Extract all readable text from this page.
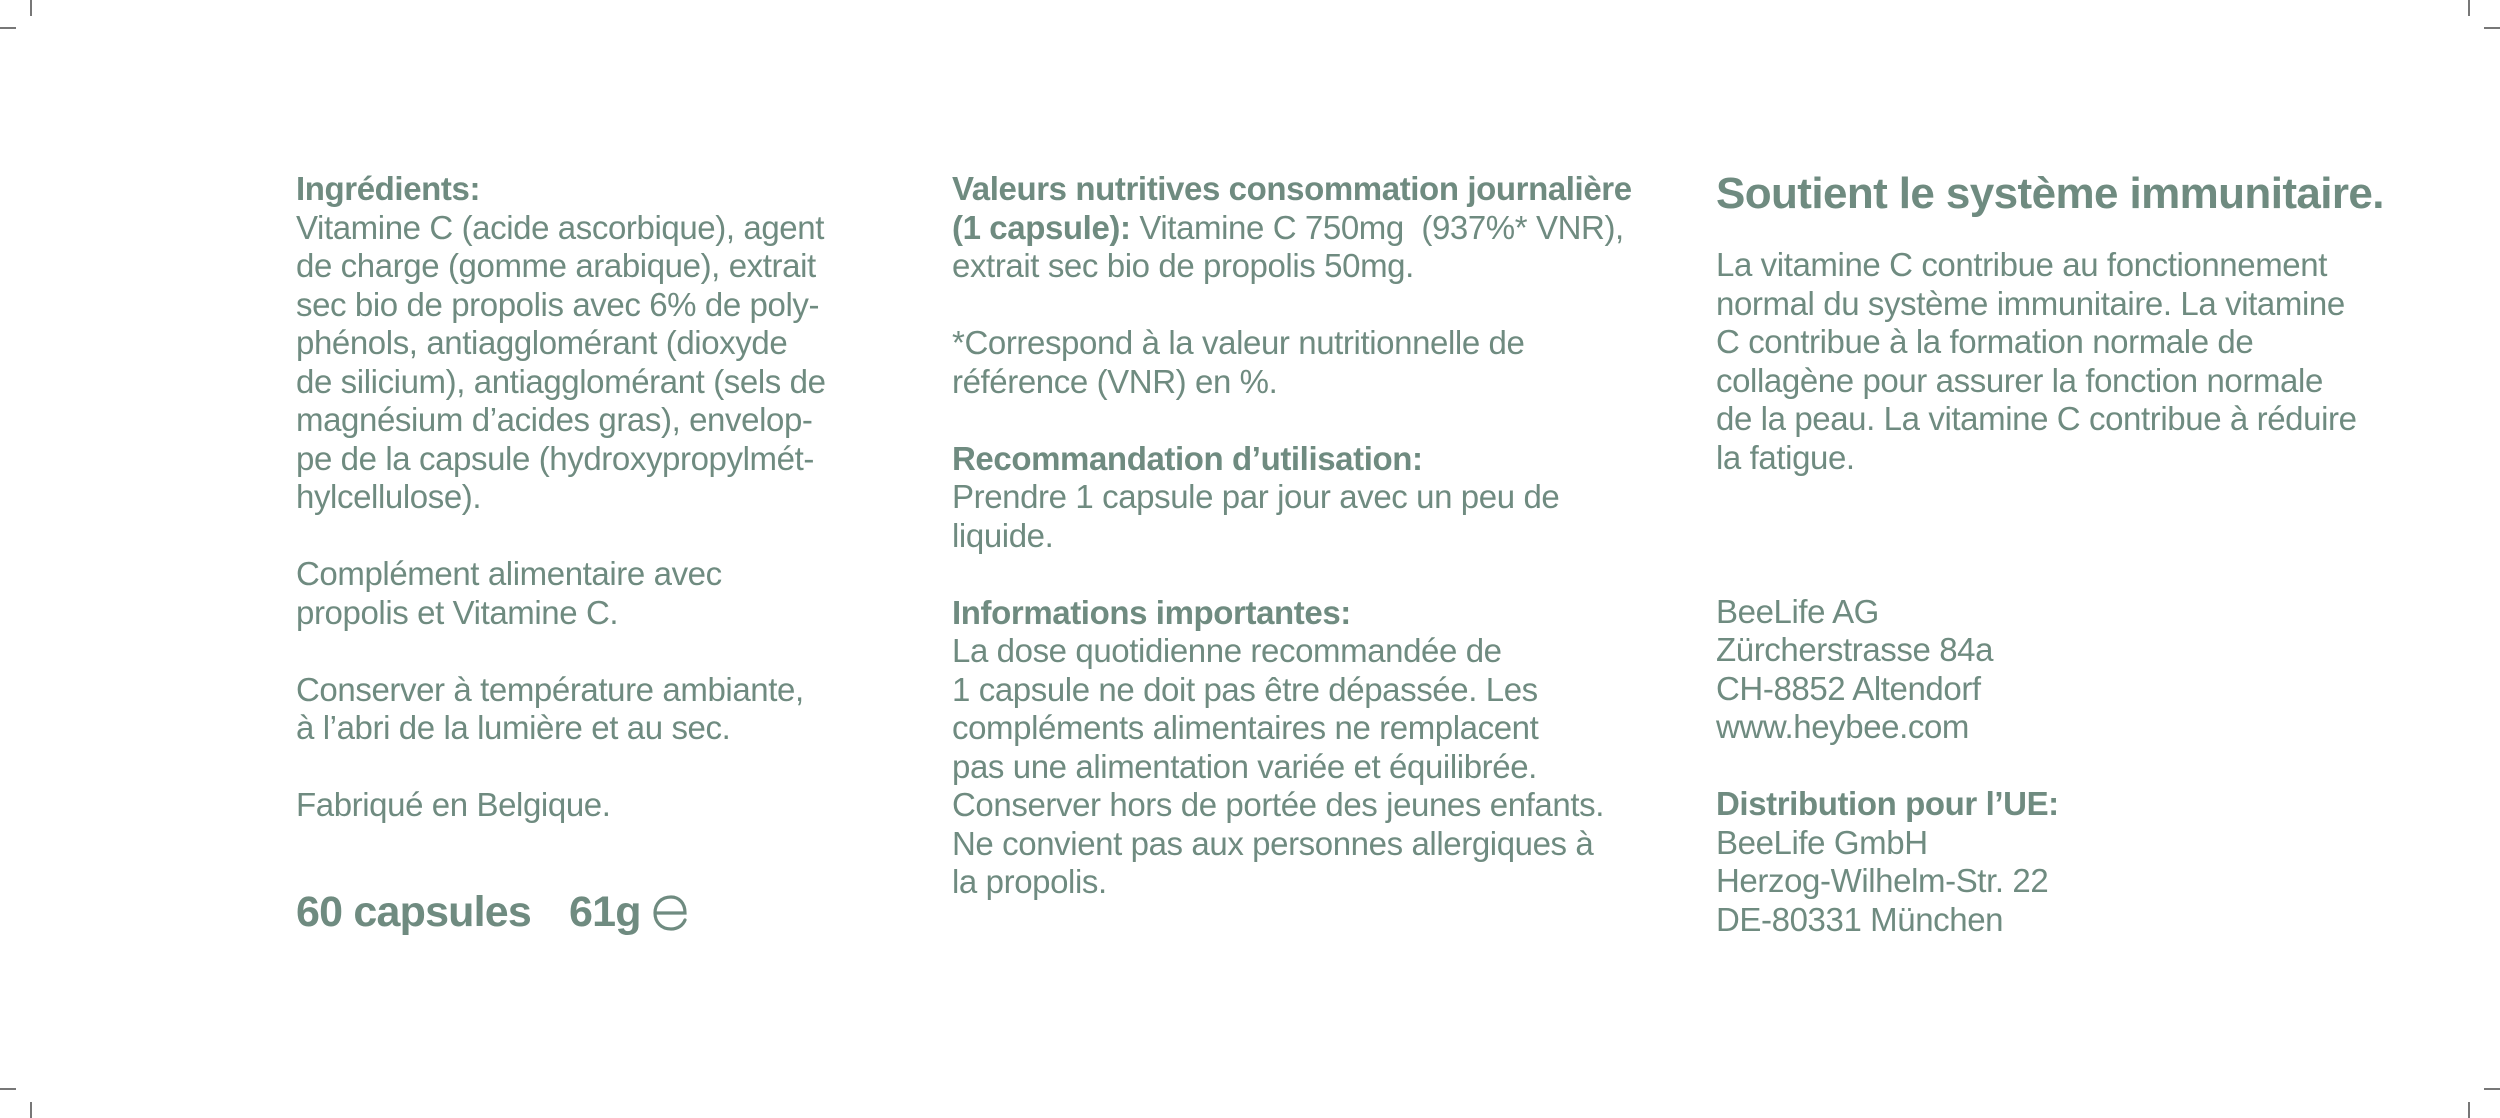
Ingrédients:
Vitamine C (acide ascorbique), agent
de charge (gomme arabique), extrait
sec bio de propolis avec 6% de poly-
phénols, antiagglomérant (dioxyde
de silicium), antiagglomérant (sels de
magnésium d’acides gras), envelop-
pe de la capsule (hydroxypropylmét-
hylcellulose).
Complément alimentaire avec
propolis et Vitamine C.
Conserver à température ambiante,
à l’abri de la lumière et au sec.
Fabriqué en Belgique.
60 capsules 61g
Valeurs nutritives consommation journalière
(1 capsule): Vitamine C 750mg  (937%* VNR),
extrait sec bio de propolis 50mg.
*Correspond à la valeur nutritionnelle de
référence (VNR) en %.
Recommandation d’utilisation:
Prendre 1 capsule par jour avec un peu de
liquide.
Informations importantes:
La dose quotidienne recommandée de
1 capsule ne doit pas être dépassée. Les
compléments alimentaires ne remplacent
pas une alimentation variée et équilibrée.
Conserver hors de portée des jeunes enfants.
Ne convient pas aux personnes allergiques à
la propolis.
Soutient le système immunitaire.
La vitamine C contribue au fonctionnement
normal du système immunitaire. La vitamine
C contribue à la formation normale de
collagène pour assurer la fonction normale
de la peau. La vitamine C contribue à réduire
la fatigue.
BeeLife AG
Zürcherstrasse 84a
CH-8852 Altendorf
www.heybee.com
Distribution pour l’UE:
BeeLife GmbH
Herzog-Wilhelm-Str. 22
DE-80331 München
